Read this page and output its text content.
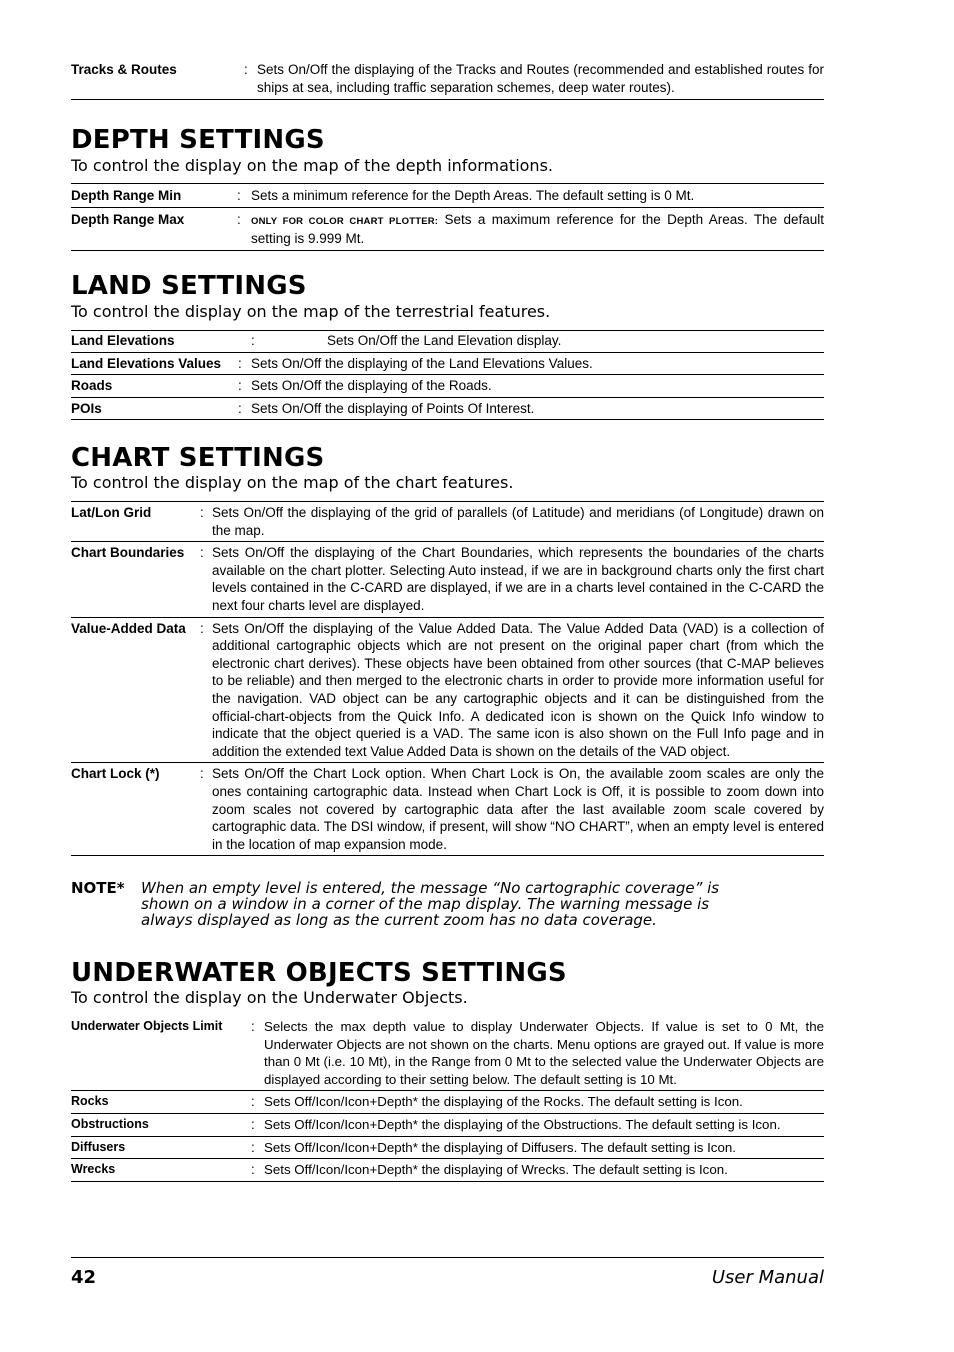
Tracks & Routes	: Sets On/Off the displaying of the Tracks and Routes (recommended and established routes for ships at sea, including traffic separation schemes, deep water routes).
DEPTH SETTINGS

To control the display on the map of the depth informations.

Depth Range Min	: Sets a minimum reference for the Depth Areas. The default setting is 0 Mt.
Depth Range Max	:	ONLY FOR COLOR CHART PLOTTER: Sets a maximum reference for the Depth Areas. The default setting is 9.999 Mt.
LAND SETTINGS

To control the display on the map of the terrestrial features.

Land Elevations	:	Sets On/Off the Land Elevation display.
Land Elevations Values	: Sets On/Off the displaying of the Land Elevations Values.
Roads	: Sets On/Off the displaying of the Roads.
POIs	: Sets On/Off the displaying of Points Of Interest.
CHART SETTINGS

To control the display on the map of the chart features.

Lat/Lon Grid	: Sets On/Off the displaying of the grid of parallels (of Latitude) and meridians (of Longitude) drawn on the map.
Chart Boundaries	: Sets On/Off the displaying of the Chart Boundaries, which represents the boundaries of the charts available on the chart plotter. Selecting Auto instead, if we are in background charts only the first chart levels contained in the C-CARD are displayed, if we are in a charts level contained in the C-CARD the next four charts level are displayed.
Value-Added Data	: Sets On/Off the displaying of the Value Added Data. The Value Added Data (VAD) is a collection of additional cartographic objects which are not present on the original paper chart (from which the electronic chart derives). These objects have been obtained from other sources (that C-MAP believes to be reliable) and then merged to the electronic charts in order to provide more information useful for the navigation. VAD object can be any cartographic objects and it can be distinguished from the official-chart-objects from the Quick Info. A dedicated icon is shown on the Quick Info window to indicate that the object queried is a VAD. The same icon is also shown on the Full Info page and in addition the extended text Value Added Data is shown on the details of the VAD object.
Chart Lock (*)	: Sets On/Off the Chart Lock option. When Chart Lock is On, the available zoom scales are only the ones containing cartographic data. Instead when Chart Lock is Off, it is possible to zoom down into zoom scales not covered by cartographic data after the last available zoom scale covered by cartographic data. The DSI window, if present, will show “NO CHART”, when an empty level is entered in the location of map expansion mode.
NOTE*	When an empty level is entered, the message “No cartographic coverage” is shown on a window in a corner of the map display. The warning message is always displayed as long as the current zoom has no data coverage.
UNDERWATER OBJECTS SETTINGS

To control the display on the Underwater Objects.

Underwater Objects Limit	: Selects the max depth value to display Underwater Objects. If value is set to 0 Mt, the Underwater Objects are not shown on the charts. Menu options are grayed out. If value is more than 0 Mt (i.e. 10 Mt), in the Range from 0 Mt to the selected value the Underwater Objects are displayed according to their setting below. The default setting is 10 Mt.
Rocks	: Sets Off/Icon/Icon+Depth* the displaying of the Rocks. The default setting is Icon.
Obstructions	: Sets Off/Icon/Icon+Depth* the displaying of the Obstructions. The default setting is Icon.
Diffusers	: Sets Off/Icon/Icon+Depth* the displaying of Diffusers. The default setting is Icon.
Wrecks	: Sets Off/Icon/Icon+Depth* the displaying of Wrecks. The default setting is Icon.
42	User Manual
